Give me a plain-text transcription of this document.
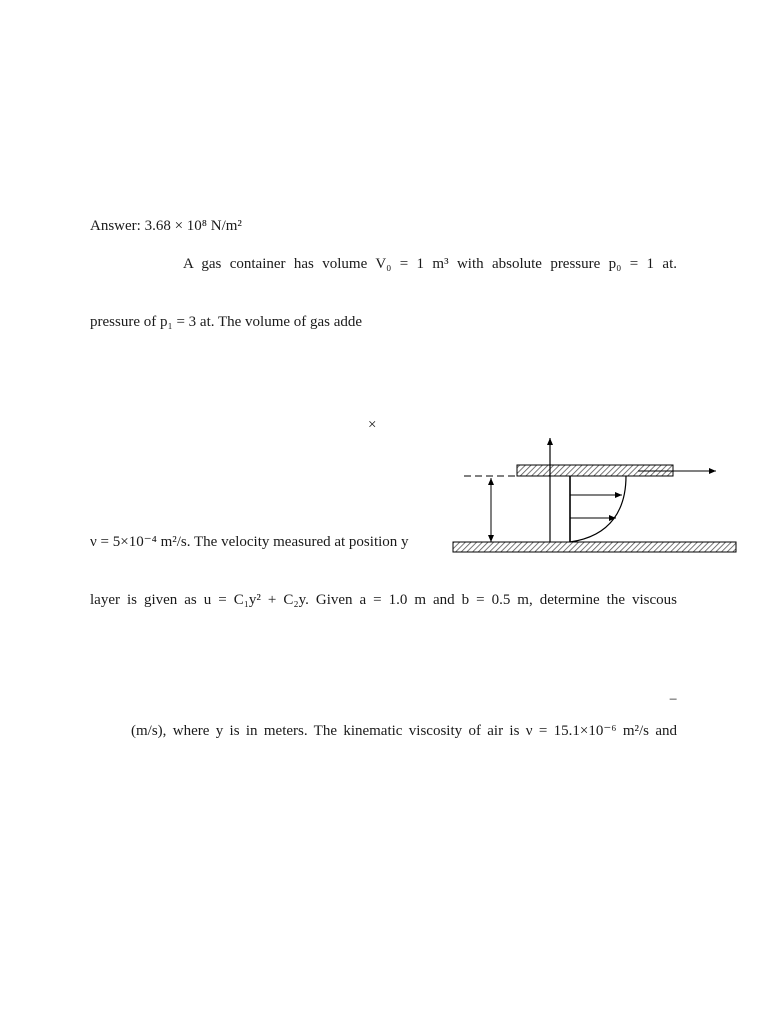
Answer: 3.68 × 10⁸ N/m²
A gas container has volume V₀ = 1 m³ with absolute pressure p₀ = 1 at.
pressure of p₁ = 3 at. The volume of gas adde
×
ν = 5×10⁻⁴ m²/s. The velocity measured at position y
layer is given as u = C₁y² + C₂y. Given a = 1.0 m and b = 0.5 m, determine the viscous
−
(m/s), where y is in meters. The kinematic viscosity of air is ν = 15.1×10⁻⁶ m²/s and
